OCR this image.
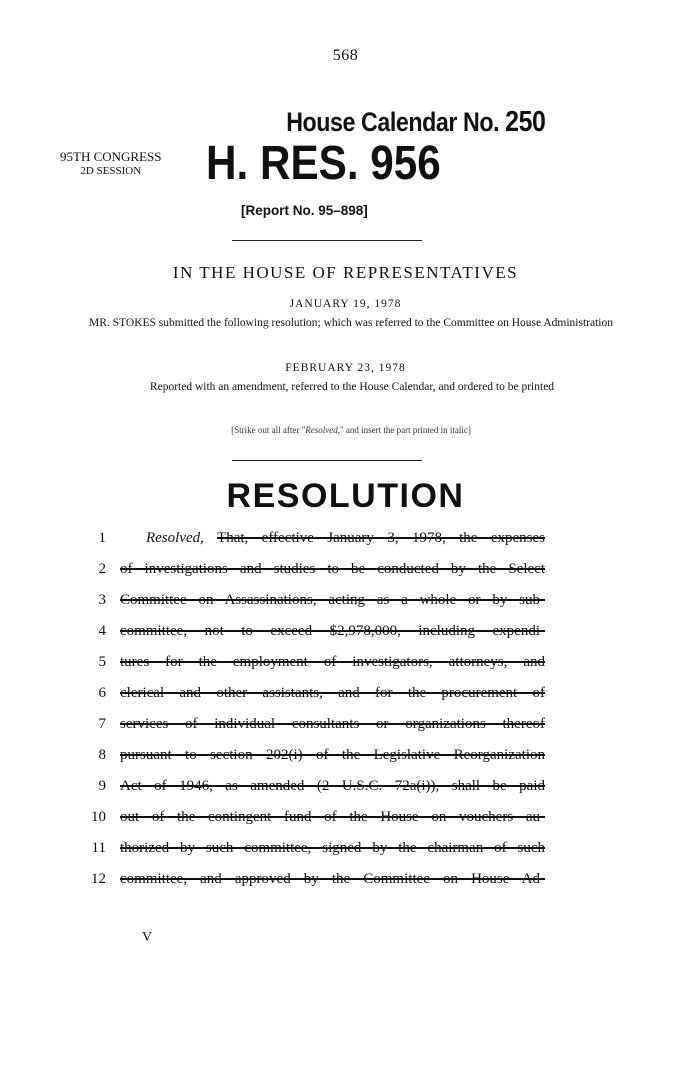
568
House Calendar No. 250
95TH CONGRESS
2D SESSION	H. RES. 956
[Report No. 95–898]
IN THE HOUSE OF REPRESENTATIVES
JANUARY 19, 1978
MR. STOKES submitted the following resolution; which was referred to the Committee on House Administration
FEBRUARY 23, 1978
Reported with an amendment, referred to the House Calendar, and ordered to be printed
[Strike out all after "Resolved," and insert the part printed in italic]
RESOLUTION
1	Resolved, That, effective January 3, 1978, the expenses
2 of investigations and studies to be conducted by the Select
3 Committee on Assassinations, acting as a whole or by sub-
4 committee, not to exceed $2,978,000, including expendi-
5 tures for the employment of investigators, attorneys, and
6 clerical and other assistants, and for the procurement of
7 services of individual consultants or organizations thereof
8 pursuant to section 202(i) of the Legislative Reorganization
9 Act of 1946, as amended (2 U.S.C. 72a(i)), shall be paid
10 out of the contingent fund of the House on vouchers au-
11 thorized by such committee, signed by the chairman of such
12 committee, and approved by the Committee on House Ad-
V
